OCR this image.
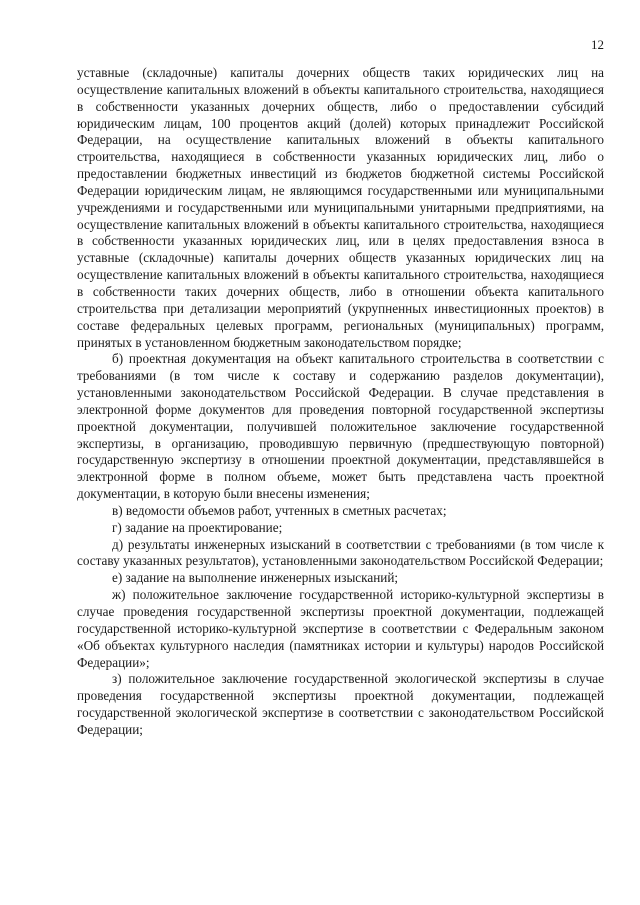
12

уставные (складочные) капиталы дочерних обществ таких юридических лиц на осуществление капитальных вложений в объекты капитального строительства, находящиеся в собственности указанных дочерних обществ, либо о предоставлении субсидий юридическим лицам, 100 процентов акций (долей) которых принадлежит Российской Федерации, на осуществление капитальных вложений в объекты капитального строительства, находящиеся в собственности указанных юридических лиц, либо о предоставлении бюджетных инвестиций из бюджетов бюджетной системы Российской Федерации юридическим лицам, не являющимся государственными или муниципальными учреждениями и государственными или муниципальными унитарными предприятиями, на осуществление капитальных вложений в объекты капитального строительства, находящиеся в собственности указанных юридических лиц, или в целях предоставления взноса в уставные (складочные) капиталы дочерних обществ указанных юридических лиц на осуществление капитальных вложений в объекты капитального строительства, находящиеся в собственности таких дочерних обществ, либо в отношении объекта капитального строительства при детализации мероприятий (укрупненных инвестиционных проектов) в составе федеральных целевых программ, региональных (муниципальных) программ, принятых в установленном бюджетным законодательством порядке;

б) проектная документация на объект капитального строительства в соответствии с требованиями (в том числе к составу и содержанию разделов документации), установленными законодательством Российской Федерации. В случае представления в электронной форме документов для проведения повторной государственной экспертизы проектной документации, получившей положительное заключение государственной экспертизы, в организацию, проводившую первичную (предшествующую повторной) государственную экспертизу в отношении проектной документации, представлявшейся в электронной форме в полном объеме, может быть представлена часть проектной документации, в которую были внесены изменения;

в) ведомости объемов работ, учтенных в сметных расчетах;

г) задание на проектирование;

д) результаты инженерных изысканий в соответствии с требованиями (в том числе к составу указанных результатов), установленными законодательством Российской Федерации;

е) задание на выполнение инженерных изысканий;

ж) положительное заключение государственной историко-культурной экспертизы в случае проведения государственной экспертизы проектной документации, подлежащей государственной историко-культурной экспертизе в соответствии с Федеральным законом «Об объектах культурного наследия (памятниках истории и культуры) народов Российской Федерации»;

з) положительное заключение государственной экологической экспертизы в случае проведения государственной экспертизы проектной документации, подлежащей государственной экологической экспертизе в соответствии с законодательством Российской Федерации;
